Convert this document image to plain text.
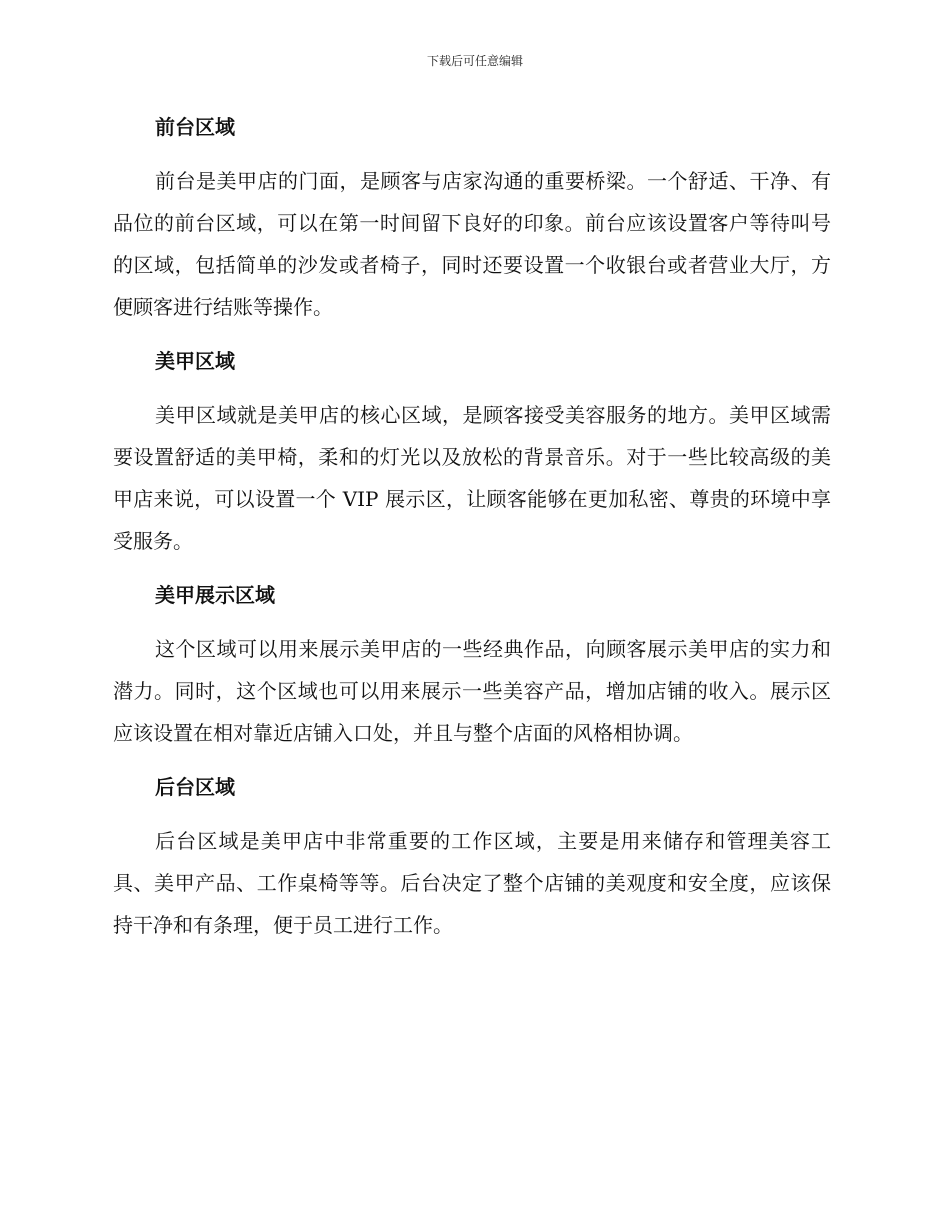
下载后可任意编辑
前台区域

前台是美甲店的门面，是顾客与店家沟通的重要桥梁。一个舒适、干净、有品位的前台区域，可以在第一时间留下良好的印象。前台应该设置客户等待叫号的区域，包括简单的沙发或者椅子，同时还要设置一个收银台或者营业大厅，方便顾客进行结账等操作。

美甲区域

美甲区域就是美甲店的核心区域，是顾客接受美容服务的地方。美甲区域需要设置舒适的美甲椅，柔和的灯光以及放松的背景音乐。对于一些比较高级的美甲店来说，可以设置一个 VIP 展示区，让顾客能够在更加私密、尊贵的环境中享受服务。

美甲展示区域

这个区域可以用来展示美甲店的一些经典作品，向顾客展示美甲店的实力和潜力。同时，这个区域也可以用来展示一些美容产品，增加店铺的收入。展示区应该设置在相对靠近店铺入口处，并且与整个店面的风格相协调。

后台区域

后台区域是美甲店中非常重要的工作区域，主要是用来储存和管理美容工具、美甲产品、工作桌椅等等。后台决定了整个店铺的美观度和安全度，应该保持干净和有条理，便于员工进行工作。
